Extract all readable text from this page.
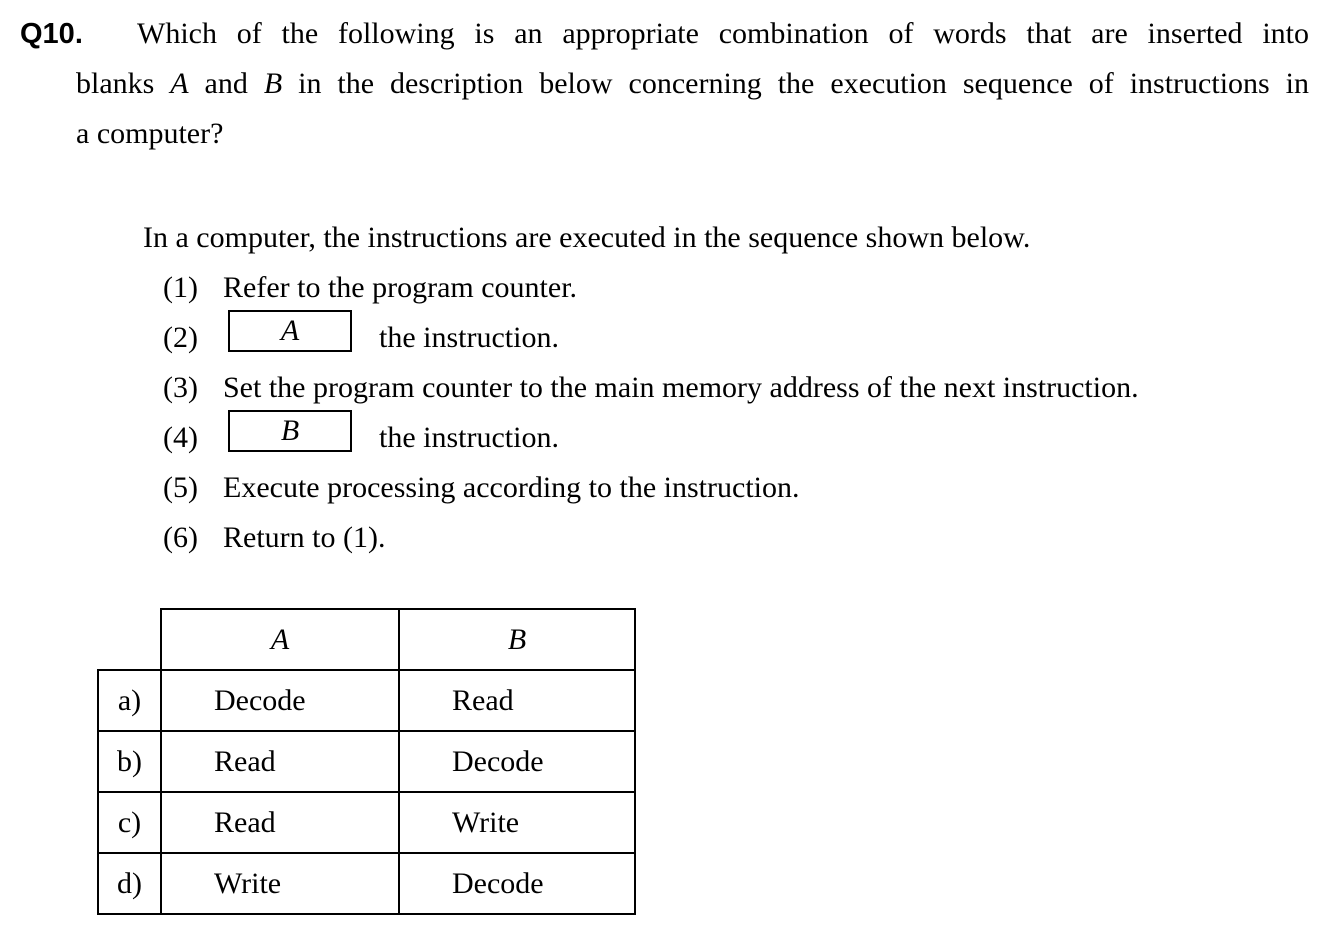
Q10. Which of the following is an appropriate combination of words that are inserted into
blanks A and B in the description below concerning the execution sequence of instructions in
a computer?
In a computer, the instructions are executed in the sequence shown below.
(1) Refer to the program counter.
(2)	A	the instruction.
(3) Set the program counter to the main memory address of the next instruction.
(4)	B	the instruction.
(5) Execute processing according to the instruction.
(6) Return to (1).
	A	B
a)	Decode	Read
b)	Read	Decode
c)	Read	Write
d)	Write	Decode
